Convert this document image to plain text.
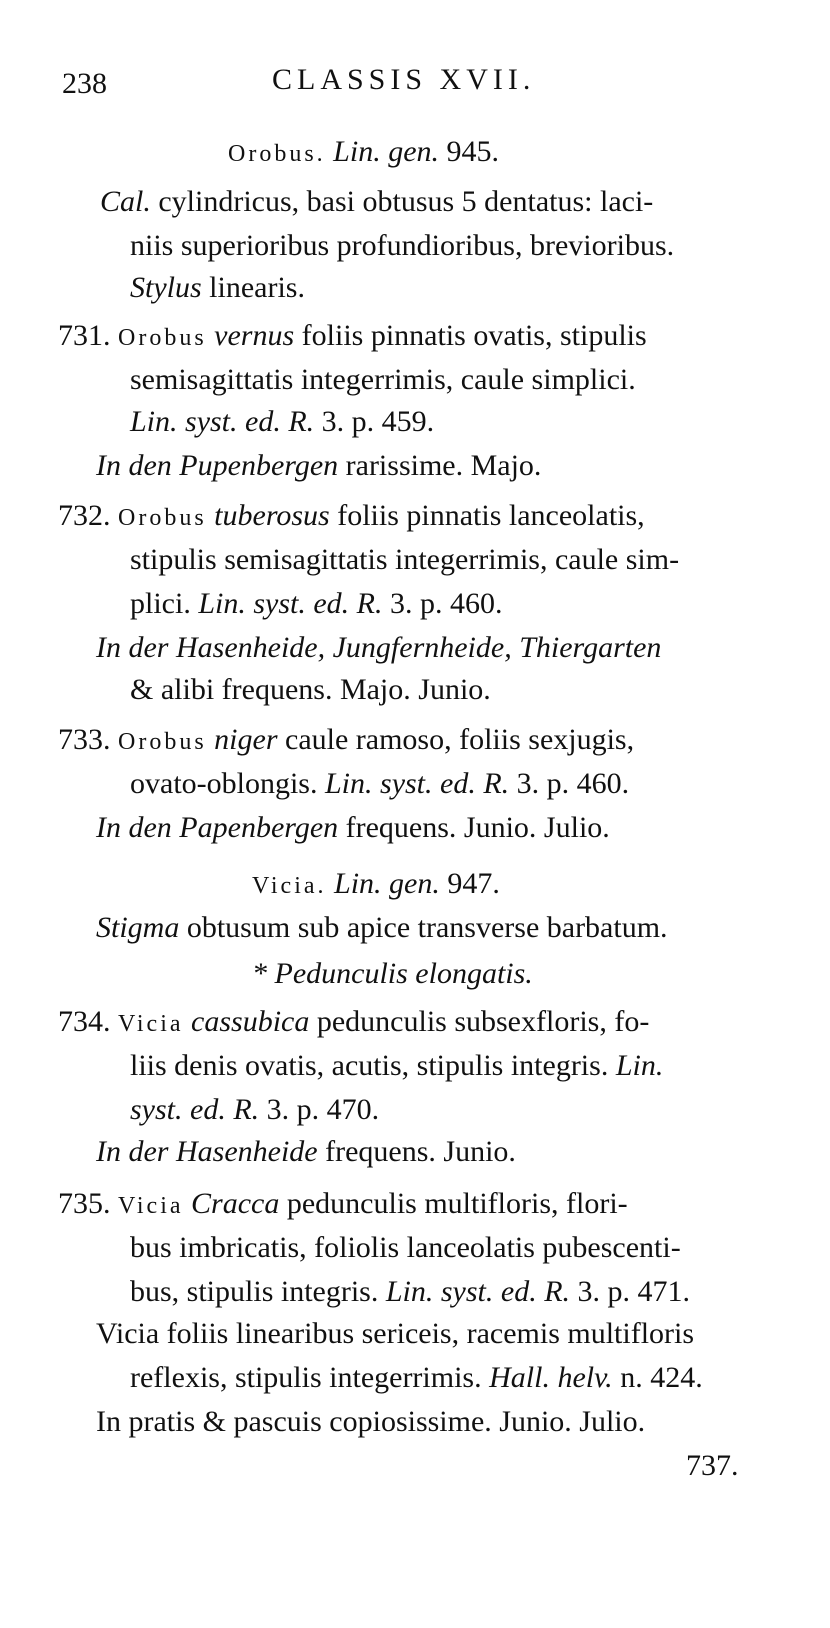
238	CLASSIS XVII.
Orobus. Lin. gen. 945.
Cal. cylindricus, basi obtusus 5 dentatus: laci-
niis superioribus profundioribus, brevioribus.
Stylus linearis.
731. Orobus vernus foliis pinnatis ovatis, stipulis
semisagittatis integerrimis, caule simplici.
Lin. syst. ed. R. 3. p. 459.
In den Pupenbergen rarissime. Majo.
732. Orobus tuberosus foliis pinnatis lanceolatis,
stipulis semisagittatis integerrimis, caule sim-
plici. Lin. syst. ed. R. 3. p. 460.
In der Hasenheide, Jungfernheide, Thiergarten
& alibi frequens. Majo. Junio.
733. Orobus niger caule ramoso, foliis sexjugis,
ovato-oblongis. Lin. syst. ed. R. 3. p. 460.
In den Papenbergen frequens. Junio. Julio.
Vicia. Lin. gen. 947.
Stigma obtusum sub apice transverse barbatum.
* Pedunculis elongatis.
734. Vicia cassubica pedunculis subsexfloris, fo-
liis denis ovatis, acutis, stipulis integris. Lin.
syst. ed. R. 3. p. 470.
In der Hasenheide frequens. Junio.
735. Vicia Cracca pedunculis multifloris, flori-
bus imbricatis, foliolis lanceolatis pubescenti-
bus, stipulis integris. Lin. syst. ed. R. 3. p. 471.
Vicia foliis linearibus sericeis, racemis multifloris
reflexis, stipulis integerrimis. Hall. helv. n. 424.
In pratis & pascuis copiosissime. Junio. Julio.
737.
